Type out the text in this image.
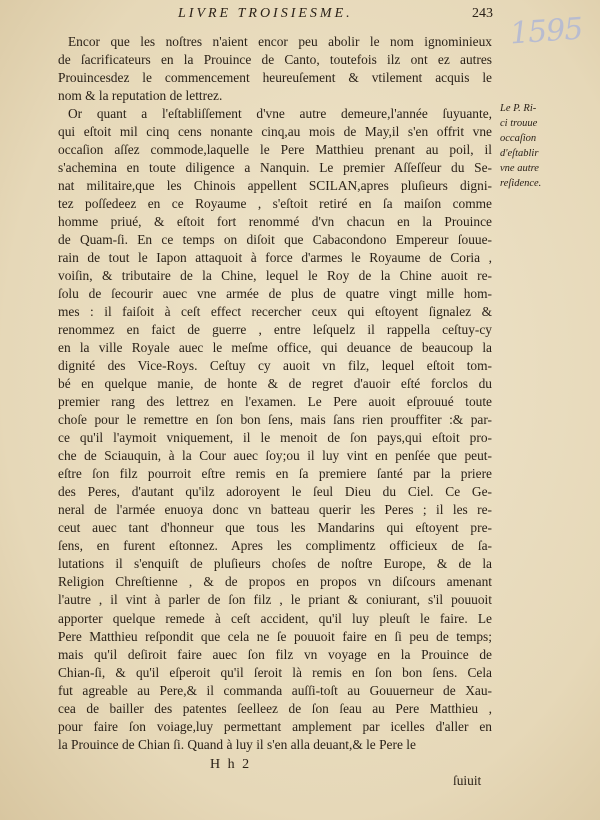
LIVRE TROISIESME.	243 1595
Encor que les noſtres n'aient encor peu abolir le nom ignominieux
de ſacrificateurs en la Prouince de Canto, toutefois ilz ont ez autres
Prouincesdez le commencement heureuſement & vtilement acquis le
nom & la reputation de lettrez.
Or quant a l'eſtabliſſement d'vne autre demeure,l'année ſuyuante,
qui eſtoit mil cinq cens nonante cinq,au mois de May,il s'en offrit vne
occaſion aſſez commode,laquelle le Pere Matthieu prenant au poil, il
s'achemina en toute diligence a Nanquin. Le premier Aſſeſſeur du Se-
nat militaire,que les Chinois appellent SCILAN,apres pluſieurs digni-
tez poſſedeez en ce Royaume , s'eſtoit retiré en ſa maiſon comme
homme priué, & eſtoit fort renommé d'vn chacun en la Prouince
de Quam-ſi. En ce temps on diſoit que Cabacondono Empereur ſouue-
rain de tout le Iapon attaquoit à force d'armes le Royaume de Coria ,
voiſin, & tributaire de la Chine, lequel le Roy de la Chine auoit re-
ſolu de ſecourir auec vne armée de plus de quatre vingt mille hom-
mes : il faiſoit à ceſt effect recercher ceux qui eſtoyent ſignalez &
renommez en faict de guerre , entre leſquelz il rappella ceſtuy-cy
en la ville Royale auec le meſme office, qui deuance de beaucoup la
dignité des Vice-Roys. Ceſtuy cy auoit vn filz, lequel eſtoit tom-
bé en quelque manie, de honte & de regret d'auoir eſté forclos du
premier rang des lettrez en l'examen. Le Pere auoit eſprouué toute
choſe pour le remettre en ſon bon ſens, mais ſans rien prouffiter :& par-
ce qu'il l'aymoit vniquement, il le menoit de ſon pays,qui eſtoit pro-
che de Sciauquin, à la Cour auec ſoy;ou il luy vint en penſée que peut-
eſtre ſon filz pourroit eſtre remis en ſa premiere ſanté par la priere
des Peres, d'autant qu'ilz adoroyent le ſeul Dieu du Ciel. Ce Ge-
neral de l'armée enuoya donc vn batteau querir les Peres ; il les re-
ceut auec tant d'honneur que tous les Mandarins qui eſtoyent pre-
ſens, en furent eſtonnez. Apres les complimentz officieux de ſa-
lutations il s'enquiſt de pluſieurs choſes de noſtre Europe, & de la
Religion Chreſtienne , & de propos en propos vn diſcours amenant
l'autre , il vint à parler de ſon filz , le priant & coniurant, s'il pouuoit
apporter quelque remede à ceſt accident, qu'il luy pleuſt le faire. Le
Pere Matthieu reſpondit que cela ne ſe pouuoit faire en ſi peu de temps;
mais qu'il deſiroit faire auec ſon filz vn voyage en la Prouince de
Chian-ſi, & qu'il eſperoit qu'il ſeroit là remis en ſon bon ſens. Cela
fut agreable au Pere,& il commanda auſſi-toſt au Gouuerneur de Xau-
cea de bailler des patentes ſeelleez de ſon ſeau au Pere Matthieu ,
pour faire ſon voiage,luy permettant amplement par icelles d'aller en
la Prouince de Chian ſi. Quand à luy il s'en alla deuant,& le Pere le
Le P. Ri-
ci trouue
occaſion
d'eſtablir
vne autre
reſidence.
H h 2
ſuiuit
